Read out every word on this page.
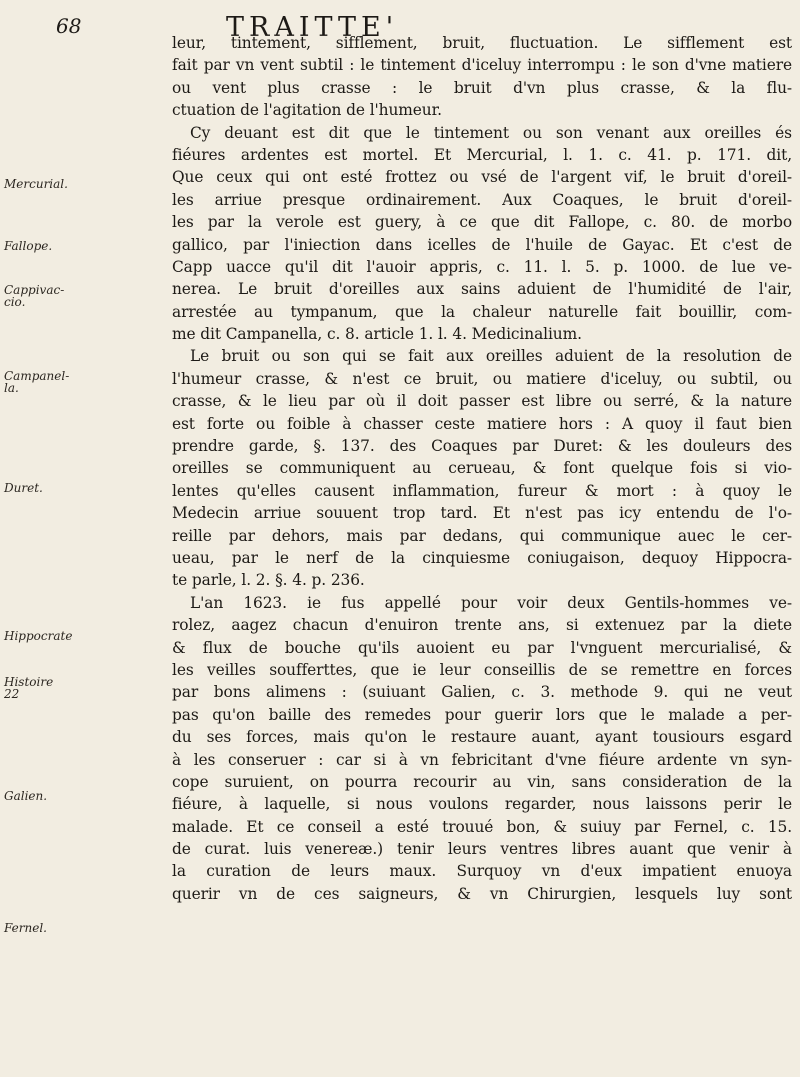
68	TRAITTE'
Mercurial.
Fallope.
Cappivac-cio.
Campanel-la.
Duret.
Hippocrate
Histoire 22
Galien.
Fernel.
leur, tintement, sifflement, bruit, fluctuation. Le sifflement est
fait par vn vent subtil : le tintement d'iceluy interrompu : le son d'vne matiere ou vent plus crasse : le bruit d'vn plus crasse, & la flu-
ctuation de l'agitation de l'humeur.
Cy deuant est dit que le tintement ou son venant aux oreilles és
fiéures ardentes est mortel. Et Mercurial, l. 1. c. 41. p. 171. dit,
Que ceux qui ont esté frottez ou vsé de l'argent vif, le bruit d'oreil-
les arriue presque ordinairement. Aux Coaques, le bruit d'oreil-
les par la verole est guery, à ce que dit Fallope, c. 80. de morbo
gallico, par l'iniection dans icelles de l'huile de Gayac. Et c'est de
Capp uacce qu'il dit l'auoir appris, c. 11. l. 5. p. 1000. de lue ve-
nerea. Le bruit d'oreilles aux sains aduient de l'humidité de l'air,
arrestée au tympanum, que la chaleur naturelle fait bouillir, com-
me dit Campanella, c. 8. article 1. l. 4. Medicinalium.
Le bruit ou son qui se fait aux oreilles aduient de la resolution de
l'humeur crasse, & n'est ce bruit, ou matiere d'iceluy, ou subtil, ou
crasse, & le lieu par où il doit passer est libre ou serré, & la nature
est forte ou foible à chasser ceste matiere hors : A quoy il faut bien
prendre garde, §. 137. des Coaques par Duret: & les douleurs des
oreilles se communiquent au cerueau, & font quelque fois si vio-
lentes qu'elles causent inflammation, fureur & mort : à quoy le
Medecin arriue souuent trop tard. Et n'est pas icy entendu de l'o-
reille par dehors, mais par dedans, qui communique auec le cer-
ueau, par le nerf de la cinquiesme coniugaison, dequoy Hippocra-
te parle, l. 2. §. 4. p. 236.
L'an 1623. ie fus appellé pour voir deux Gentils-hommes ve-
rolez, aagez chacun d'enuiron trente ans, si extenuez par la diete
& flux de bouche qu'ils auoient eu par l'vnguent mercurialisé, &
les veilles soufferttes, que ie leur conseillis de se remettre en forces
par bons alimens : (suiuant Galien, c. 3. methode 9. qui ne veut
pas qu'on baille des remedes pour guerir lors que le malade a per-
du ses forces, mais qu'on le restaure auant, ayant tousiours esgard
à les conseruer : car si à vn febricitant d'vne fiéure ardente vn syn-
cope suruient, on pourra recourir au vin, sans consideration de la
fiéure, à laquelle, si nous voulons regarder, nous laissons perir le
malade. Et ce conseil a esté trouué bon, & suiuy par Fernel, c. 15.
de curat. luis venereæ.) tenir leurs ventres libres auant que venir à
la curation de leurs maux. Surquoy vn d'eux impatient enuoya
querir vn de ces saigneurs, & vn Chirurgien, lesquels luy sont
